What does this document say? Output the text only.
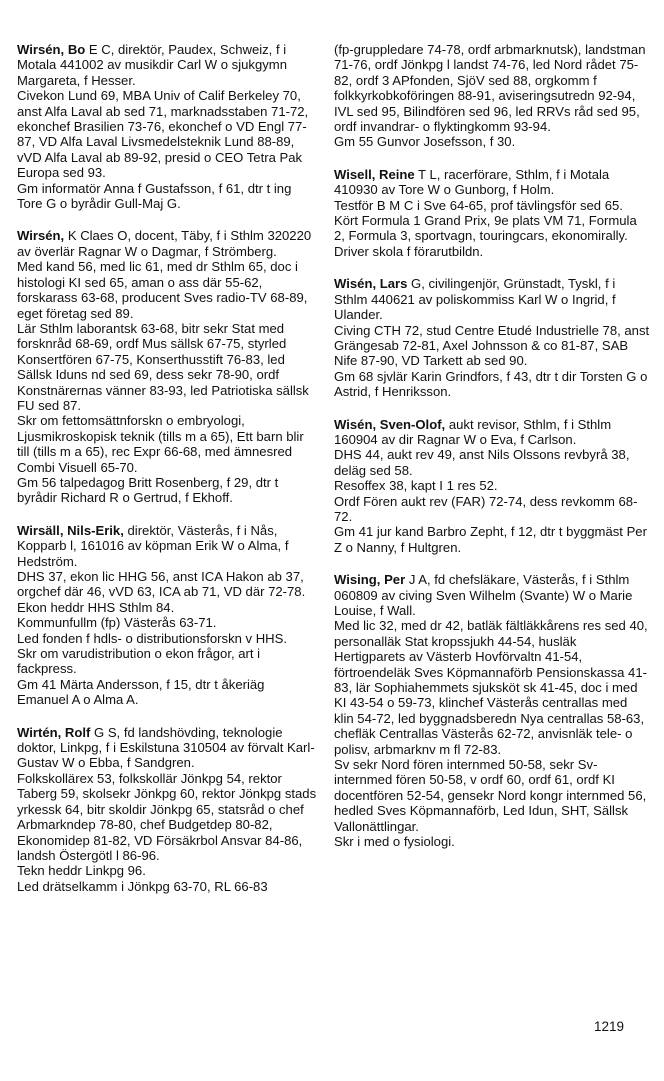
Wirsén, Bo E C, direktör, Paudex, Schweiz, f i Motala 441002 av musikdir Carl W o sjukgymn Margareta, f Hesser.
Civekon Lund 69, MBA Univ of Calif Berkeley 70, anst Alfa Laval ab sed 71, marknadsstaben 71-72, ekonchef Brasilien 73-76, ekonchef o VD Engl 77-87, VD Alfa Laval Livsmedelsteknik Lund 88-89, vVD Alfa Laval ab 89-92, presid o CEO Tetra Pak Europa sed 93.
Gm informatör Anna f Gustafsson, f 61, dtr t ing Tore G o byrådir Gull-Maj G.
Wirsén, K Claes O, docent, Täby, f i Sthlm 320220 av överlär Ragnar W o Dagmar, f Strömberg.
Med kand 56, med lic 61, med dr Sthlm 65, doc i histologi KI sed 65, aman o ass där 55-62, forskarass 63-68, producent Sves radio-TV 68-89, eget företag sed 89.
Lär Sthlm laborantsk 63-68, bitr sekr Stat med forsknråd 68-69, ordf Mus sällsk 67-75, styrled Konsertfören 67-75, Konserthusstift 76-83, led Sällsk Iduns nd sed 69, dess sekr 78-90, ordf Konstnärernas vänner 83-93, led Patriotiska sällsk FU sed 87.
Skr om fettomsättnforskn o embryologi, Ljusmikroskopisk teknik (tills m a 65), Ett barn blir till (tills m a 65), rec Expr 66-68, med ämnesred Combi Visuell 65-70.
Gm 56 talpedagog Britt Rosenberg, f 29, dtr t byrådir Richard R o Gertrud, f Ekhoff.
Wirsäll, Nils-Erik, direktör, Västerås, f i Nås, Kopparb l, 161016 av köpman Erik W o Alma, f Hedström.
DHS 37, ekon lic HHG 56, anst ICA Hakon ab 37, orgchef där 46, vVD 63, ICA ab 71, VD där 72-78.
Ekon heddr HHS Sthlm 84.
Kommunfullm (fp) Västerås 63-71.
Led fonden f hdls- o distributionsforskn v HHS.
Skr om varudistribution o ekon frågor, art i fackpress.
Gm 41 Märta Andersson, f 15, dtr t åkeriäg Emanuel A o Alma A.
Wirtén, Rolf G S, fd landshövding, teknologie doktor, Linkpg, f i Eskilstuna 310504 av förvalt Karl-Gustav W o Ebba, f Sandgren.
Folkskollärex 53, folkskollär Jönkpg 54, rektor Taberg 59, skolsekr Jönkpg 60, rektor Jönkpg stads yrkessk 64, bitr skoldir Jönkpg 65, statsråd o chef Arbmarkndep 78-80, chef Budgetdep 80-82, Ekonomidep 81-82, VD Försäkrbol Ansvar 84-86, landsh Östergötl l 86-96.
Tekn heddr Linkpg 96.
Led drätselkamm i Jönkpg 63-70, RL 66-83
(fp-gruppledare 74-78, ordf arbmarknutsk), landstman 71-76, ordf Jönkpg l landst 74-76, led Nord rådet 75-82, ordf 3 APfonden, SjöV sed 88, orgkomm f folkkyrkobkoföringen 88-91, aviseringsutredn 92-94, IVL sed 95, Bilindfören sed 96, led RRVs råd sed 95, ordf invandrar- o flyktingkomm 93-94.
Gm 55 Gunvor Josefsson, f 30.
Wisell, Reine T L, racerförare, Sthlm, f i Motala 410930 av Tore W o Gunborg, f Holm.
Testför B M C i Sve 64-65, prof tävlingsför sed 65.
Kört Formula 1 Grand Prix, 9e plats VM 71, Formula 2, Formula 3, sportvagn, touringcars, ekonomirally.
Driver skola f förarutbildn.
Wisén, Lars G, civilingenjör, Grünstadt, Tyskl, f i Sthlm 440621 av poliskommiss Karl W o Ingrid, f Ulander.
Civing CTH 72, stud Centre Etudé Industrielle 78, anst Grängesab 72-81, Axel Johnsson & co 81-87, SAB Nife 87-90, VD Tarkett ab sed 90.
Gm 68 sjvlär Karin Grindfors, f 43, dtr t dir Torsten G o Astrid, f Henriksson.
Wisén, Sven-Olof, aukt revisor, Sthlm, f i Sthlm 160904 av dir Ragnar W o Eva, f Carlson.
DHS 44, aukt rev 49, anst Nils Olssons revbyrå 38, deläg sed 58.
Resoffex 38, kapt I 1 res 52.
Ordf Fören aukt rev (FAR) 72-74, dess revkomm 68-72.
Gm 41 jur kand Barbro Zepht, f 12, dtr t byggmäst Per Z o Nanny, f Hultgren.
Wising, Per J A, fd chefsläkare, Västerås, f i Sthlm 060809 av civing Sven Wilhelm (Svante) W o Marie Louise, f Wall.
Med lic 32, med dr 42, batläk fältläkkårens res sed 40, personalläk Stat kropssjukh 44-54, husläk Hertigparets av Västerb Hovförvaltn 41-54, förtroendeläk Sves Köpmannaförb Pensionskassa 41-83, lär Sophiahemmets sjuksköt sk 41-45, doc i med KI 43-54 o 59-73, klinchef Västerås centrallas med klin 54-72, led byggnadsberedn Nya centrallas 58-63, chefläk Centrallas Västerås 62-72, anvisnläk tele- o polisv, arbmarknv m fl 72-83.
Sv sekr Nord fören internmed 50-58, sekr Sv-internmed fören 50-58, v ordf 60, ordf 61, ordf KI docentfören 52-54, gensekr Nord kongr internmed 56, hedled Sves Köpmannaförb, Led Idun, SHT, Sällsk Vallonättlingar.
Skr i med o fysiologi.
1219
